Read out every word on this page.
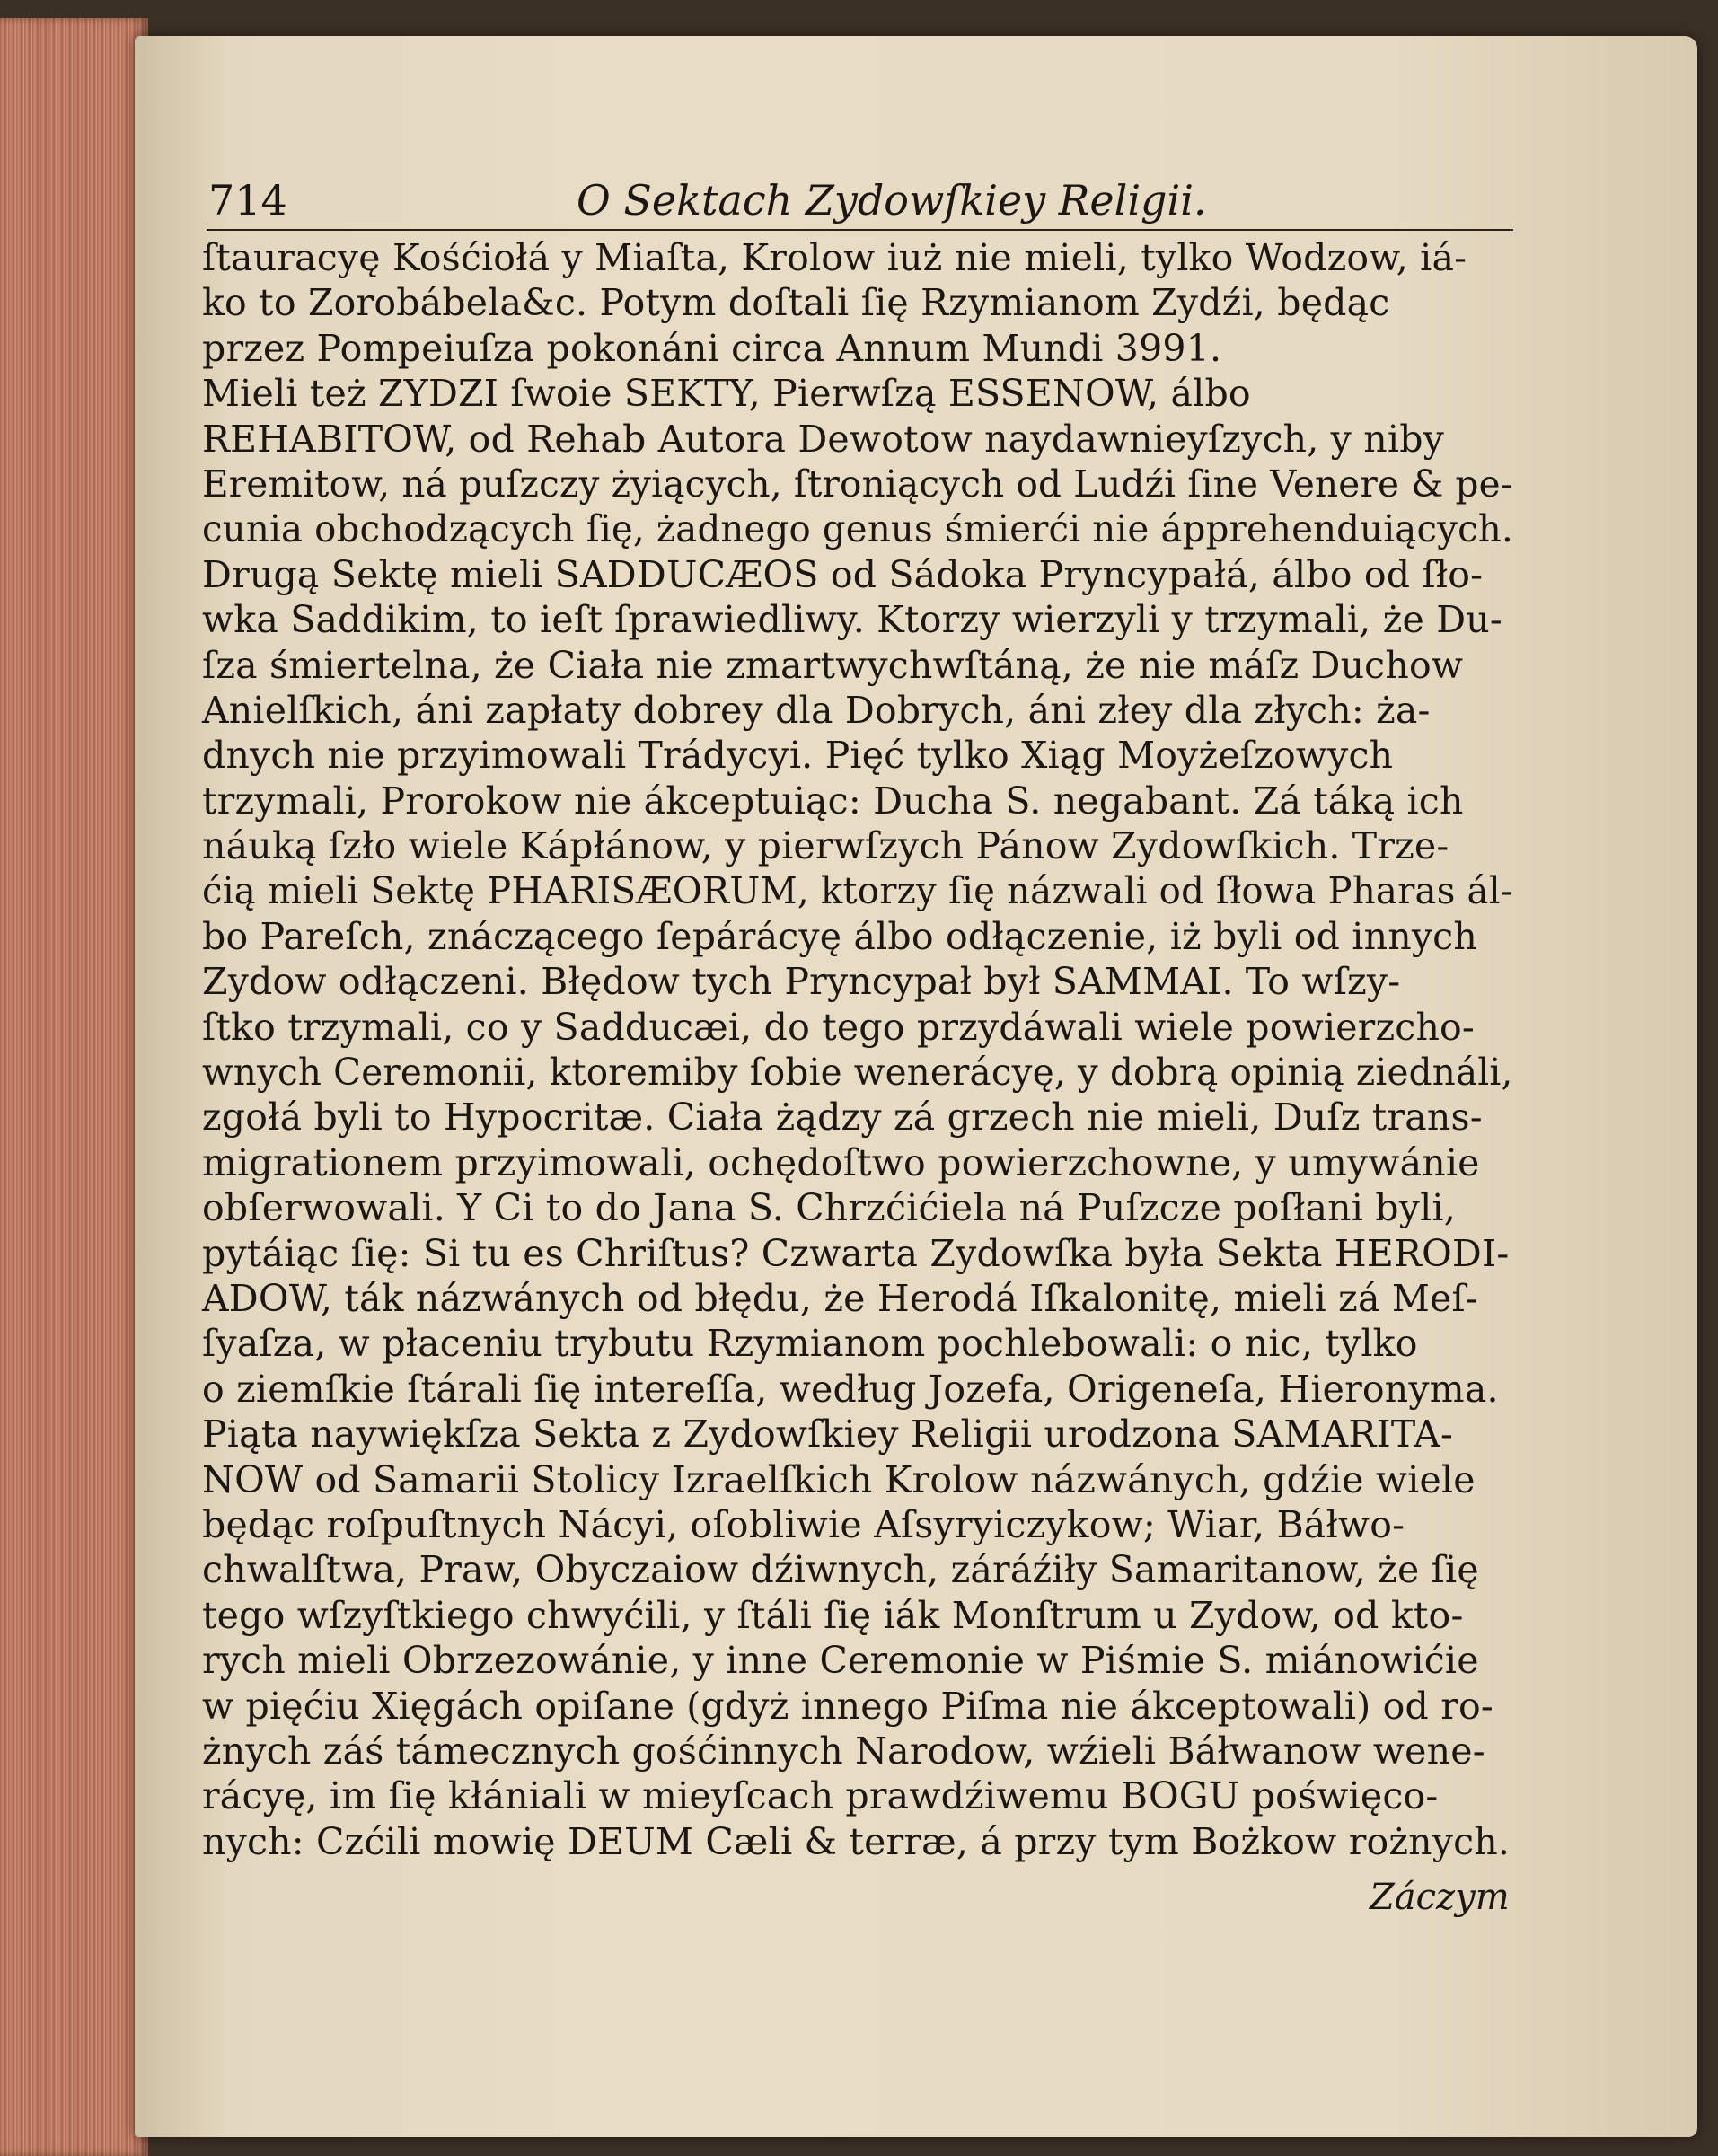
714	O Sektach Zydowſkiey Religii.
ſtauracyę Kośćiołá y Miaſta, Krolow iuż nie mieli, tylko Wodzow, iá-
ko to Zorobábela&c. Potym doſtali ſię Rzymianom Zydźi, będąc
przez Pompeiuſza pokonáni circa Annum Mundi 3991.
Mieli też ZYDZI ſwoie SEKTY, Pierwſzą ESSENOW, álbo
REHABITOW, od Rehab Autora Dewotow naydawnieyſzych, y niby
Eremitow, ná puſzczy żyiących, ſtroniących od Ludźi ſine Venere & pe-
cunia obchodzących ſię, żadnego genus śmierći nie ápprehenduiących.
Drugą Sektę mieli SADDUCÆOS od Sádoka Pryncypałá, álbo od ſło-
wka Saddikim, to ieſt ſprawiedliwy. Ktorzy wierzyli y trzymali, że Du-
ſza śmiertelna, że Ciała nie zmartwychwſtáną, że nie máſz Duchow
Anielſkich, áni zapłaty dobrey dla Dobrych, áni złey dla złych: ża-
dnych nie przyimowali Trádycyi. Pięć tylko Xiąg Moyżeſzowych
trzymali, Prorokow nie ákceptuiąc: Ducha S. negabant. Zá táką ich
náuką ſzło wiele Kápłánow, y pierwſzych Pánow Zydowſkich. Trze-
ćią mieli Sektę PHARISÆORUM, ktorzy ſię názwali od ſłowa Pharas ál-
bo Pareſch, znáczącego ſepárácyę álbo odłączenie, iż byli od innych
Zydow odłączeni. Błędow tych Pryncypał był SAMMAI. To wſzy-
ſtko trzymali, co y Sadducæi, do tego przydáwali wiele powierzcho-
wnych Ceremonii, ktoremiby ſobie wenerácyę, y dobrą opinią ziednáli,
zgołá byli to Hypocritæ. Ciała żądzy zá grzech nie mieli, Duſz trans-
migrationem przyimowali, ochędoſtwo powierzchowne, y umywánie
obſerwowali. Y Ci to do Jana S. Chrzćićiela ná Puſzcze poſłani byli,
pytáiąc ſię: Si tu es Chriſtus? Czwarta Zydowſka była Sekta HERODI-
ADOW, ták názwánych od błędu, że Herodá Iſkalonitę, mieli zá Meſ-
ſyaſza, w płaceniu trybutu Rzymianom pochlebowali: o nic, tylko
o ziemſkie ſtárali ſię intereſſa, według Jozefa, Origeneſa, Hieronyma.
Piąta naywiękſza Sekta z Zydowſkiey Religii urodzona SAMARITA-
NOW od Samarii Stolicy Izraelſkich Krolow názwánych, gdźie wiele
będąc roſpuſtnych Nácyi, oſobliwie Aſsyryiczykow; Wiar, Báłwo-
chwalſtwa, Praw, Obyczaiow dźiwnych, záráźiły Samaritanow, że ſię
tego wſzyſtkiego chwyćili, y ſtáli ſię iák Monſtrum u Zydow, od kto-
rych mieli Obrzezowánie, y inne Ceremonie w Piśmie S. miánowićie
w pięćiu Xięgách opiſane (gdyż innego Piſma nie ákceptowali) od ro-
żnych záś támecznych gośćinnych Narodow, wźieli Báłwanow wene-
rácyę, im ſię kłániali w mieyſcach prawdźiwemu BOGU poświęco-
nych: Czćili mowię DEUM Cæli & terræ, á przy tym Bożkow rożnych.
Záczym
